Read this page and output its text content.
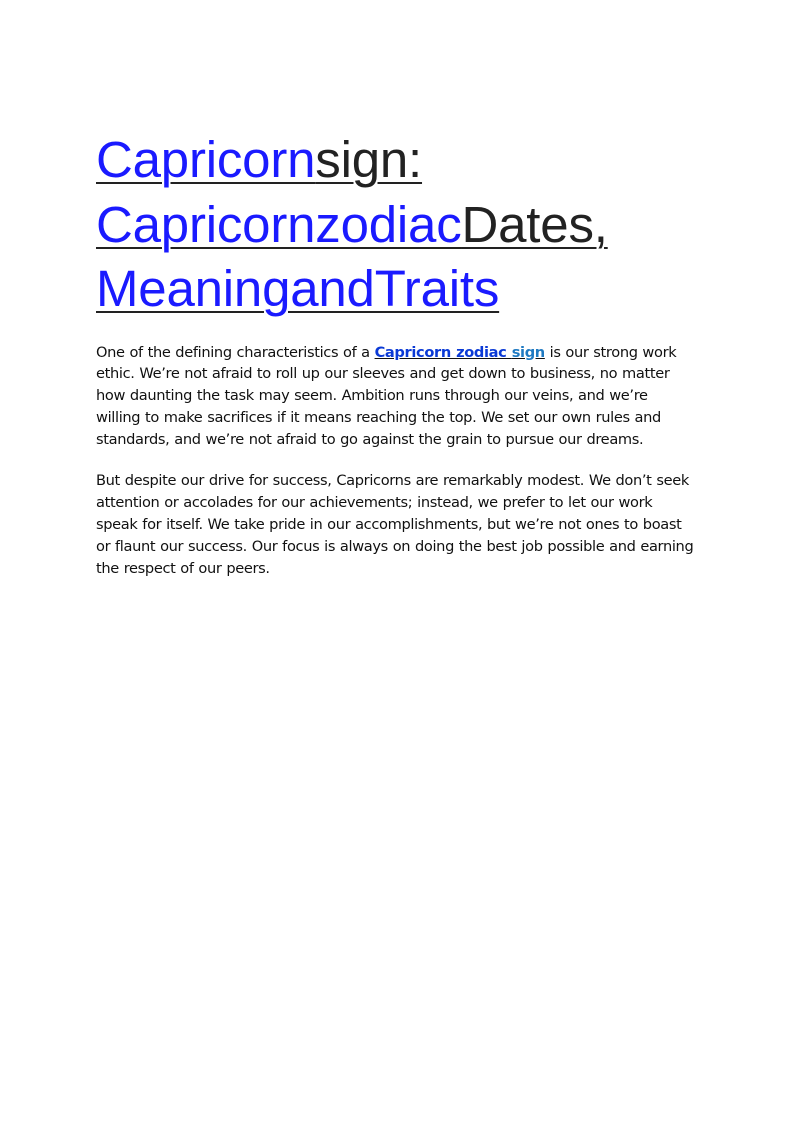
Capricornsign:
CapricornzodiacDates,
MeaningandTraits

One of the defining characteristics of a Capricorn zodiac sign is our strong work ethic. We’re not afraid to roll up our sleeves and get down to business, no matter how daunting the task may seem. Ambition runs through our veins, and we’re willing to make sacrifices if it means reaching the top. We set our own rules and standards, and we’re not afraid to go against the grain to pursue our dreams.

But despite our drive for success, Capricorns are remarkably modest. We don’t seek attention or accolades for our achievements; instead, we prefer to let our work speak for itself. We take pride in our accomplishments, but we’re not ones to boast or flaunt our success. Our focus is always on doing the best job possible and earning the respect of our peers.
